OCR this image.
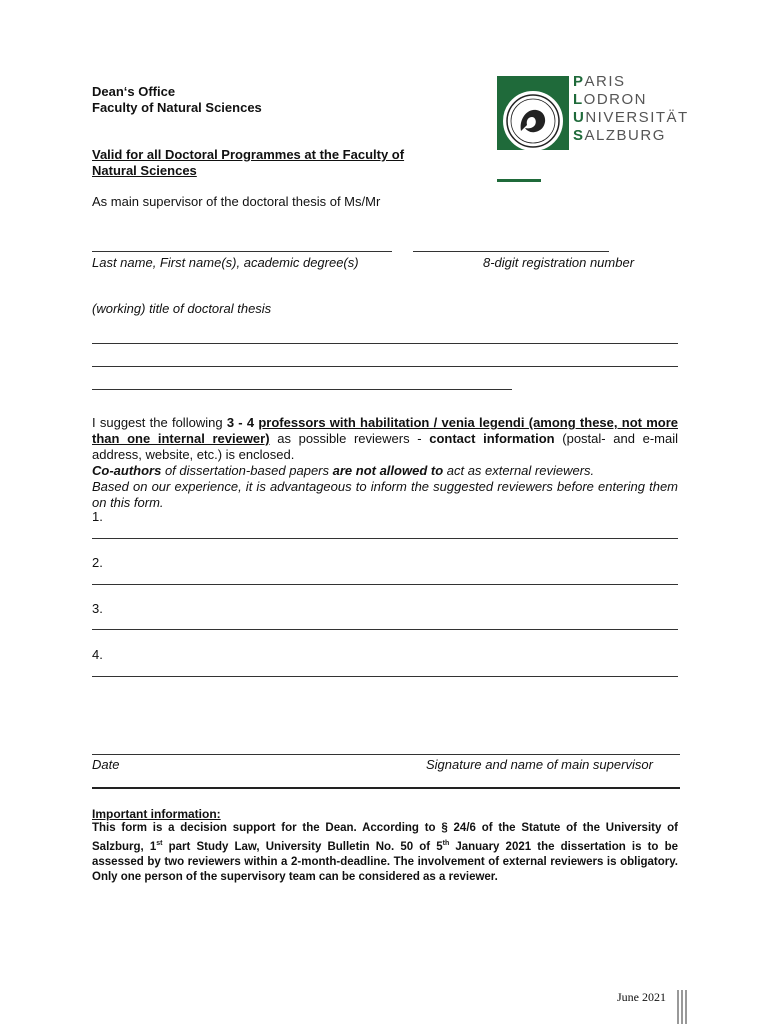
Dean‘s Office
Faculty of Natural Sciences
PARIS
LODRON
UNIVERSITÄT
SALZBURG
Valid for all Doctoral Programmes at the Faculty of
Natural Sciences
As main supervisor of the doctoral thesis of Ms/Mr
Last name, First name(s), academic degree(s)	8-digit registration number
(working) title of doctoral thesis

I suggest the following 3 - 4 professors with habilitation / venia legendi (among these, not more than one internal reviewer) as possible reviewers - contact information (postal- and e-mail address, website, etc.) is enclosed.

Co-authors of dissertation-based papers are not allowed to act as external reviewers.

Based on our experience, it is advantageous to inform the suggested reviewers before entering them on this form.

1.
2.
3.
4.
Date	Signature and name of main supervisor
Important information:
This form is a decision support for the Dean. According to § 24/6 of the Statute of the University of Salzburg, 1st part Study Law, University Bulletin No. 50 of 5th January 2021 the dissertation is to be assessed by two reviewers within a 2-month-deadline. The involvement of external reviewers is obligatory. Only one person of the supervisory team can be considered as a reviewer.
June 2021
